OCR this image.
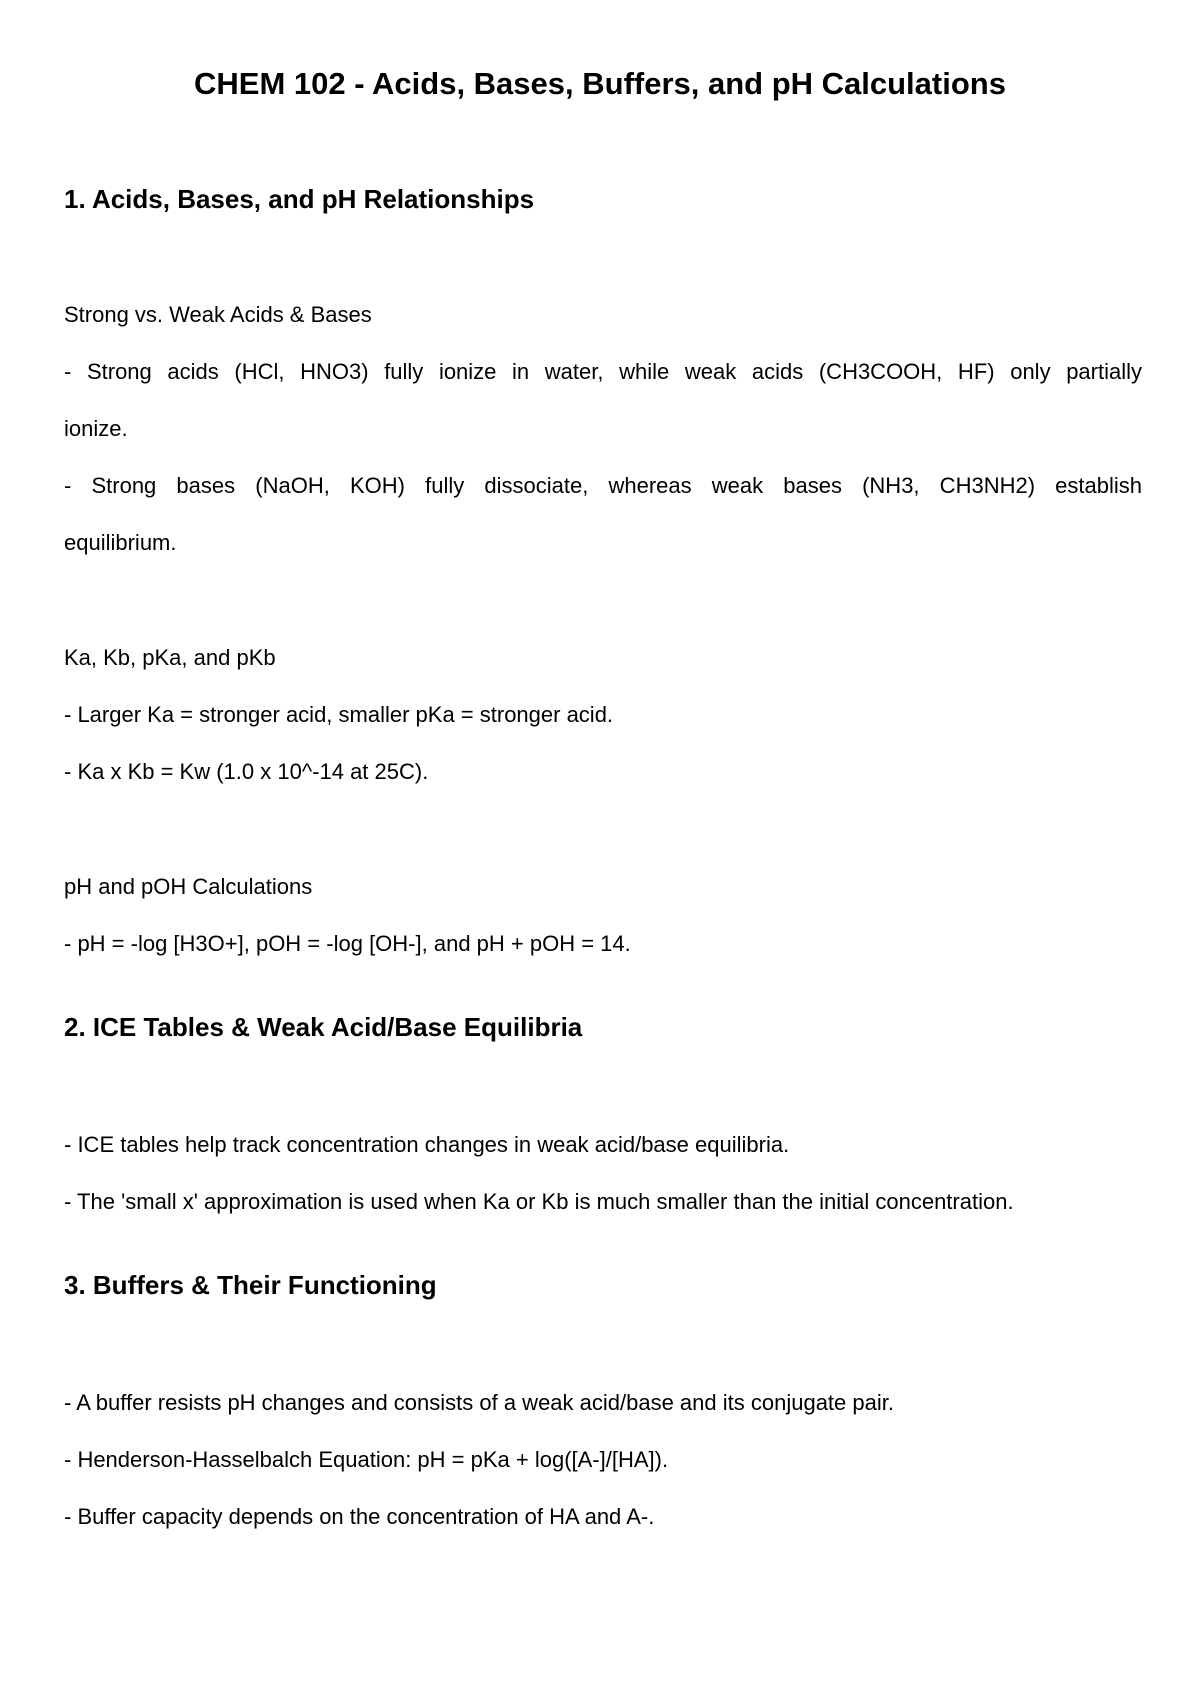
CHEM 102 - Acids, Bases, Buffers, and pH Calculations
1. Acids, Bases, and pH Relationships
Strong vs. Weak Acids & Bases
- Strong acids (HCl, HNO3) fully ionize in water, while weak acids (CH3COOH, HF) only partially
ionize.
- Strong bases (NaOH, KOH) fully dissociate, whereas weak bases (NH3, CH3NH2) establish
equilibrium.
Ka, Kb, pKa, and pKb
- Larger Ka = stronger acid, smaller pKa = stronger acid.
- Ka x Kb = Kw (1.0 x 10^-14 at 25C).
pH and pOH Calculations
- pH = -log [H3O+], pOH = -log [OH-], and pH + pOH = 14.
2. ICE Tables & Weak Acid/Base Equilibria
- ICE tables help track concentration changes in weak acid/base equilibria.
- The 'small x' approximation is used when Ka or Kb is much smaller than the initial concentration.
3. Buffers & Their Functioning
- A buffer resists pH changes and consists of a weak acid/base and its conjugate pair.
- Henderson-Hasselbalch Equation: pH = pKa + log([A-]/[HA]).
- Buffer capacity depends on the concentration of HA and A-.
